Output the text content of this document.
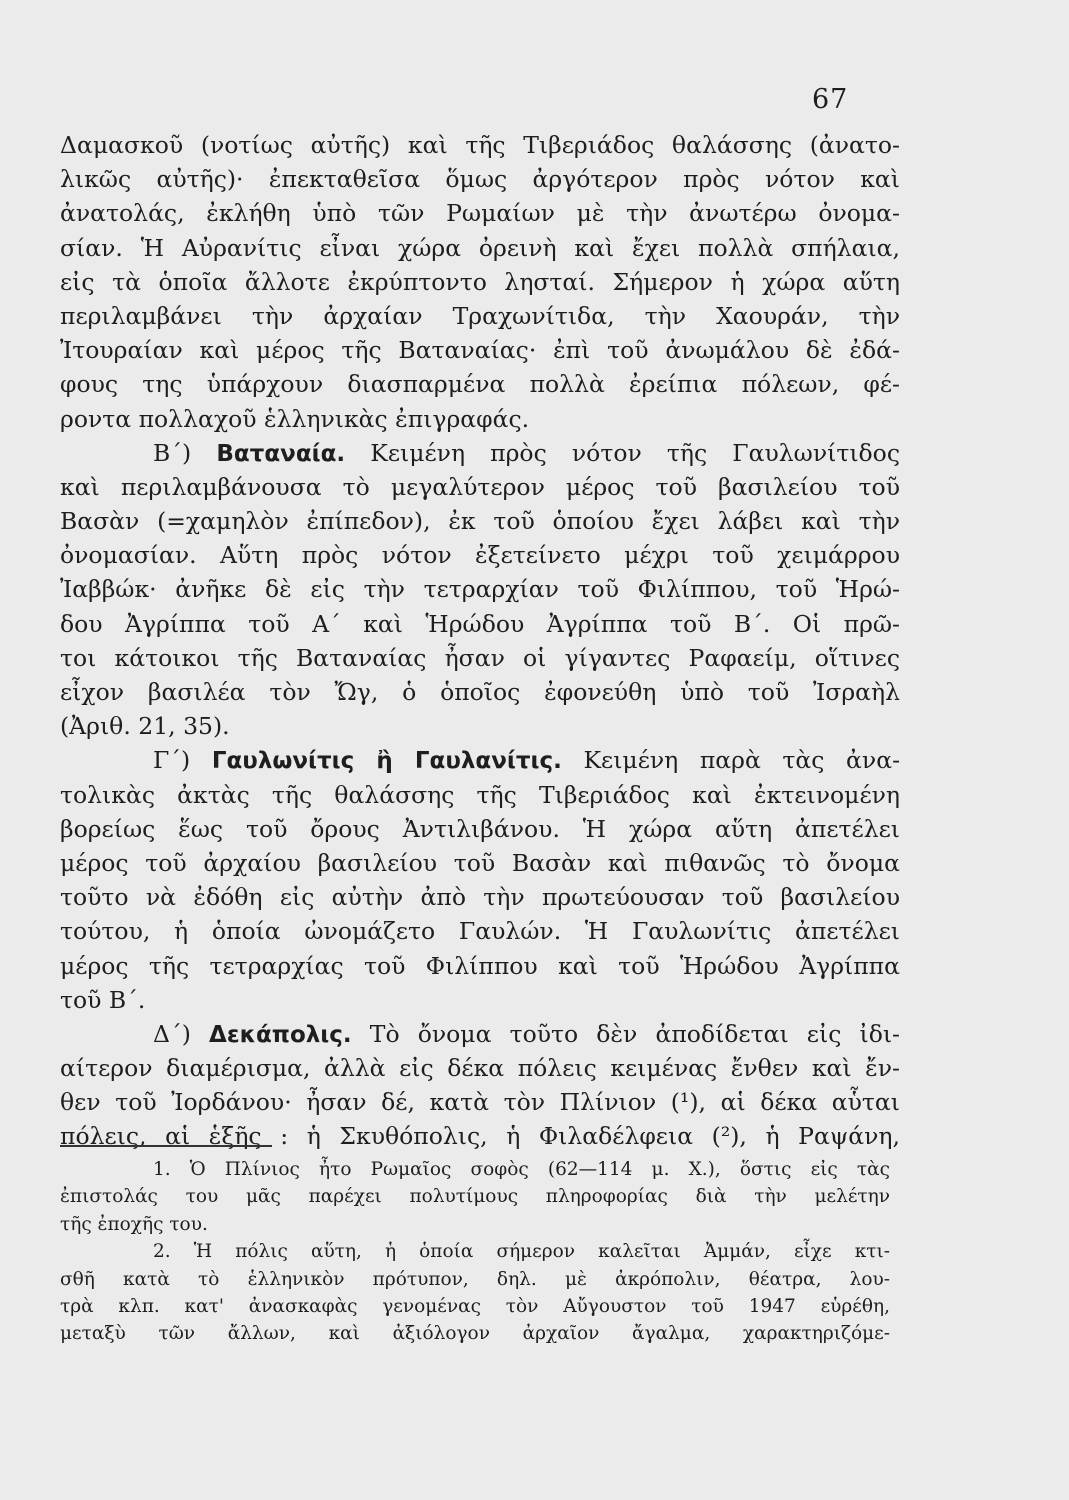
67
Δαμασκοῦ (νοτίως αὐτῆς) καὶ τῆς Τιβεριάδος θαλάσσης (ἀνατο-
λικῶς αὐτῆς)· ἐπεκταθεῖσα ὅμως ἀργότερον πρὸς νότον καὶ
ἀνατολάς, ἐκλήθη ὑπὸ τῶν Ρωμαίων μὲ τὴν ἀνωτέρω ὀνομα-
σίαν. Ἡ Αὐρανίτις εἶναι χώρα ὀρεινὴ καὶ ἔχει πολλὰ σπήλαια,
εἰς τὰ ὁποῖα ἄλλοτε ἐκρύπτοντο λησταί. Σήμερον ἡ χώρα αὕτη
περιλαμβάνει τὴν ἀρχαίαν Τραχωνίτιδα, τὴν Χαουράν, τὴν
Ἰτουραίαν καὶ μέρος τῆς Βαταναίας· ἐπὶ τοῦ ἀνωμάλου δὲ ἐδά-
φους της ὑπάρχουν διασπαρμένα πολλὰ ἐρείπια πόλεων, φέ-
ροντα πολλαχοῦ ἑλληνικὰς ἐπιγραφάς.
Β΄) Βαταναία. Κειμένη πρὸς νότον τῆς Γαυλωνίτιδος
καὶ περιλαμβάνουσα τὸ μεγαλύτερον μέρος τοῦ βασιλείου τοῦ
Βασὰν (=χαμηλὸν ἐπίπεδον), ἐκ τοῦ ὁποίου ἔχει λάβει καὶ τὴν
ὀνομασίαν. Αὕτη πρὸς νότον ἐξετείνετο μέχρι τοῦ χειμάρρου
Ἰαββώκ· ἀνῆκε δὲ εἰς τὴν τετραρχίαν τοῦ Φιλίππου, τοῦ Ἡρώ-
δου Ἀγρίππα τοῦ Α΄ καὶ Ἡρώδου Ἀγρίππα τοῦ Β΄. Οἱ πρῶ-
τοι κάτοικοι τῆς Βαταναίας ἦσαν οἱ γίγαντες Ραφαείμ, οἵτινες
εἶχον βασιλέα τὸν Ὤγ, ὁ ὁποῖος ἐφονεύθη ὑπὸ τοῦ Ἰσραὴλ
(Ἀριθ. 21, 35).
Γ΄) Γαυλωνίτις ἢ Γαυλανίτις. Κειμένη παρὰ τὰς ἀνα-
τολικὰς ἀκτὰς τῆς θαλάσσης τῆς Τιβεριάδος καὶ ἐκτεινομένη
βορείως ἕως τοῦ ὄρους Ἀντιλιβάνου. Ἡ χώρα αὕτη ἀπετέλει
μέρος τοῦ ἀρχαίου βασιλείου τοῦ Βασὰν καὶ πιθανῶς τὸ ὄνομα
τοῦτο νὰ ἐδόθη εἰς αὐτὴν ἀπὸ τὴν πρωτεύουσαν τοῦ βασιλείου
τούτου, ἡ ὁποία ὠνομάζετο Γαυλών. Ἡ Γαυλωνίτις ἀπετέλει
μέρος τῆς τετραρχίας τοῦ Φιλίππου καὶ τοῦ Ἡρώδου Ἀγρίππα
τοῦ Β΄.
Δ΄) Δεκάπολις. Τὸ ὄνομα τοῦτο δὲν ἀποδίδεται εἰς ἰδι-
αίτερον διαμέρισμα, ἀλλὰ εἰς δέκα πόλεις κειμένας ἔνθεν καὶ ἔν-
θεν τοῦ Ἰορδάνου· ἦσαν δέ, κατὰ τὸν Πλίνιον (¹), αἱ δέκα αὗται
πόλεις, αἱ ἑξῆς : ἡ Σκυθόπολις, ἡ Φιλαδέλφεια (²), ἡ Ραψάνη,
1. Ὁ Πλίνιος ἦτο Ρωμαῖος σοφὸς (62—114 μ. Χ.), ὅστις εἰς τὰς
ἐπιστολάς του μᾶς παρέχει πολυτίμους πληροφορίας διὰ τὴν μελέτην
τῆς ἐποχῆς του.
2. Ἡ πόλις αὕτη, ἡ ὁποία σήμερον καλεῖται Ἀμμάν, εἶχε κτι-
σθῆ κατὰ τὸ ἑλληνικὸν πρότυπον, δηλ. μὲ ἀκρόπολιν, θέατρα, λου-
τρὰ κλπ. κατ' ἀνασκαφὰς γενομένας τὸν Αὔγουστον τοῦ 1947 εὑρέθη,
μεταξὺ τῶν ἄλλων, καὶ ἀξιόλογον ἀρχαῖον ἄγαλμα, χαρακτηριζόμε-
